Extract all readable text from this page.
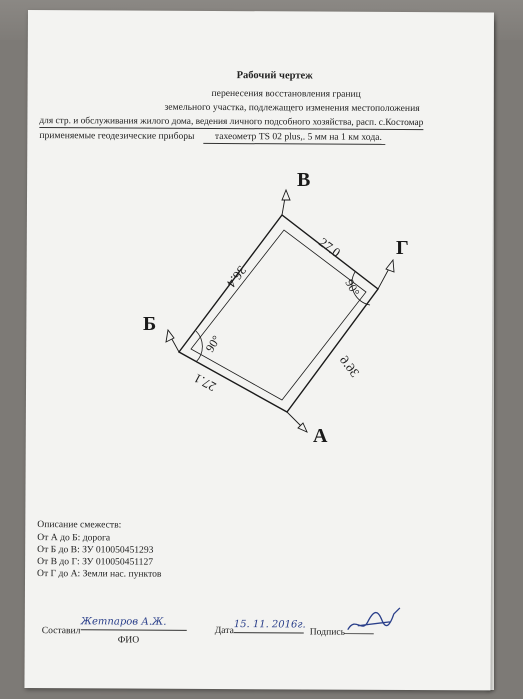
Рабочий чертеж
перенесения восстановления границ
земельного участка, подлежащего изменения местоположения
для стр. и обслуживания жилого дома, ведения личного подсобного хозяйства, расп. с.Костомар
применяемые геодезические приборы тахеометр TS 02 plus,. 5 мм на 1 км хода.
Описание смежеств:
От А до Б: дорога
От Б до В: ЗУ 010050451293
От В до Г: ЗУ 010050451127
От Г до А: Земли нас. пунктов
Составил
Жетпаров А.Ж.
ФИО
Дата
15. 11. 2016г.
Подпись
А
Б
В
Г
27.1
36.4
27.0
36.6
90°
90°
